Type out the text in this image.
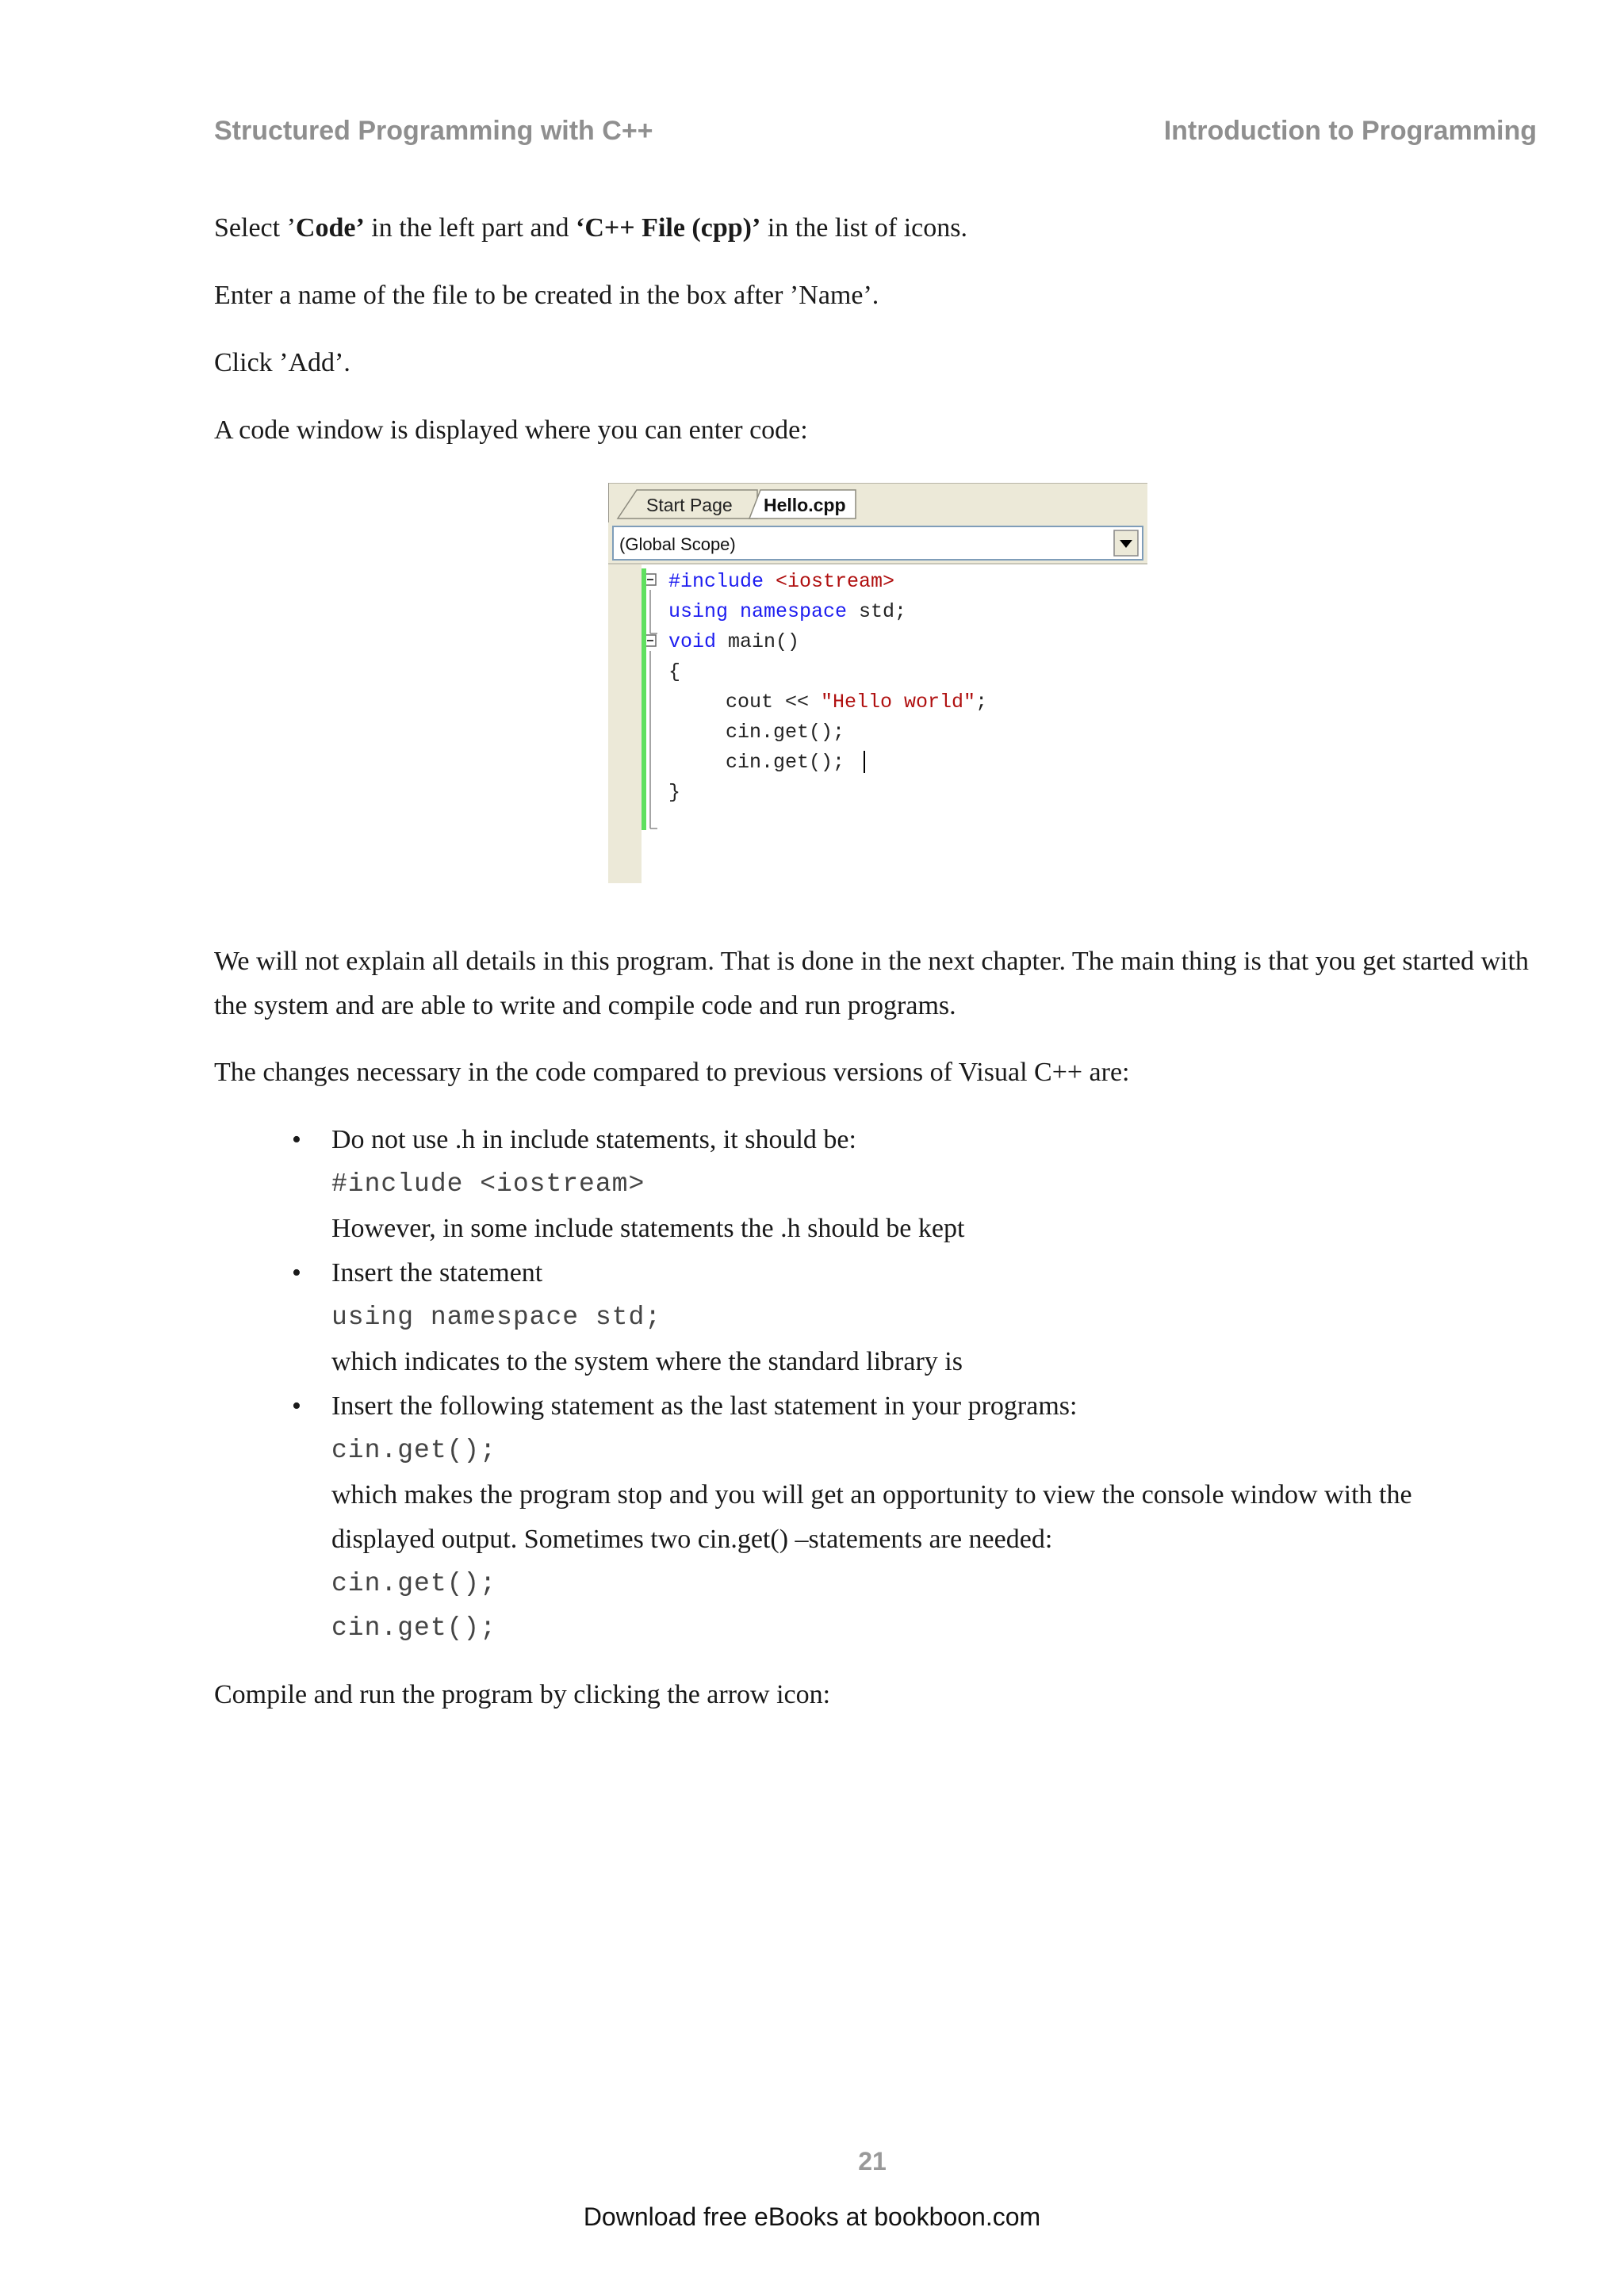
Structured Programming with C++	Introduction to Programming

Select ’Code’ in the left part and ‘C++ File (cpp)’ in the list of icons.

Enter a name of the file to be created in the box after ’Name’.

Click ’Add’.

A code window is displayed where you can enter code:

Start Page Hello.cpp
(Global Scope)
#include <iostream>
using namespace std;
void main()
{
cout << "Hello world";
cin.get();
cin.get();
}

We will not explain all details in this program. That is done in the next chapter. The main thing is that you get started with the system and are able to write and compile code and run programs.

The changes necessary in the code compared to previous versions of Visual C++ are:

• Do not use .h in include statements, it should be:
#include <iostream>
However, in some include statements the .h should be kept
• Insert the statement
using namespace std;
which indicates to the system where the standard library is
• Insert the following statement as the last statement in your programs:
cin.get();
which makes the program stop and you will get an opportunity to view the console window with the
displayed output. Sometimes two cin.get() –statements are needed:
cin.get();
cin.get();

Compile and run the program by clicking the arrow icon:

21
Download free eBooks at bookboon.com
